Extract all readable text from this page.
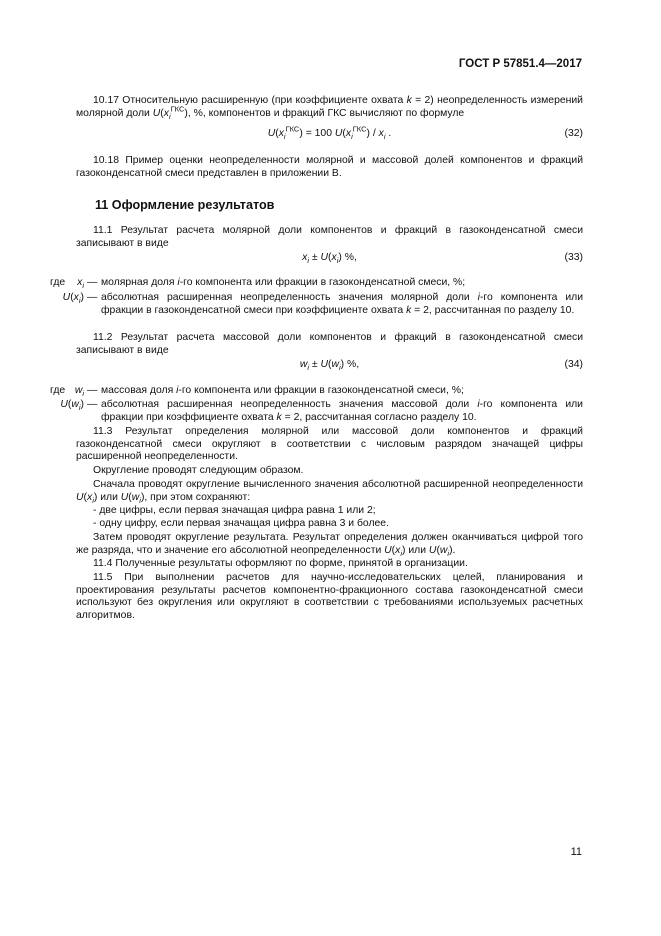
ГОСТ Р 57851.4—2017
10.17 Относительную расширенную (при коэффициенте охвата k = 2) неопределенность измерений молярной доли $U(x_i^{ГКС})$, %, компонентов и фракций ГКС вычисляют по формуле
$U(x_i^{ГКС}) = 100$ $U(x_i^{ГКС}) / x_i$ .	(32)
10.18 Пример оценки неопределенности молярной и массовой долей компонентов и фракций газоконденсатной смеси представлен в приложении В.
11 Оформление результатов
11.1 Результат расчета молярной доли компонентов и фракций в газоконденсатной смеси записывают в виде
$x_i \pm U(x_i)$ %,	(33)
где	$x_i$ — молярная доля i-го компонента или фракции в газоконденсатной смеси, %;
$U(x_i)$ — абсолютная расширенная неопределенность значения молярной доли i-го компонента или фракции в газоконденсатной смеси при коэффициенте охвата k = 2, рассчитанная по разделу 10.
11.2 Результат расчета массовой доли компонентов и фракций в газоконденсатной смеси записывают в виде
$w_i \pm U(w_i)$ %,	(34)
где $w_i$ — массовая доля i-го компонента или фракции в газоконденсатной смеси, %;
$U(w_i)$ — абсолютная расширенная неопределенность значения массовой доли i-го компонента или фракции при коэффициенте охвата k = 2, рассчитанная согласно разделу 10.
11.3 Результат определения молярной или массовой доли компонентов и фракций газоконденсатной смеси округляют в соответствии с числовым разрядом значащей цифры расширенной неопределенности.
Округление проводят следующим образом.
Сначала проводят округление вычисленного значения абсолютной расширенной неопределенности $U(x_i)$ или $U(w_i)$, при этом сохраняют:
- две цифры, если первая значащая цифра равна 1 или 2;
- одну цифру, если первая значащая цифра равна 3 и более.
Затем проводят округление результата. Результат определения должен оканчиваться цифрой того же разряда, что и значение его абсолютной неопределенности $U(x_i)$ или $U(w_i)$.
11.4 Полученные результаты оформляют по форме, принятой в организации.
11.5 При выполнении расчетов для научно-исследовательских целей, планирования и проектирования результаты расчетов компонентно-фракционного состава газоконденсатной смеси используют без округления или округляют в соответствии с требованиями используемых расчетных алгоритмов.
11
